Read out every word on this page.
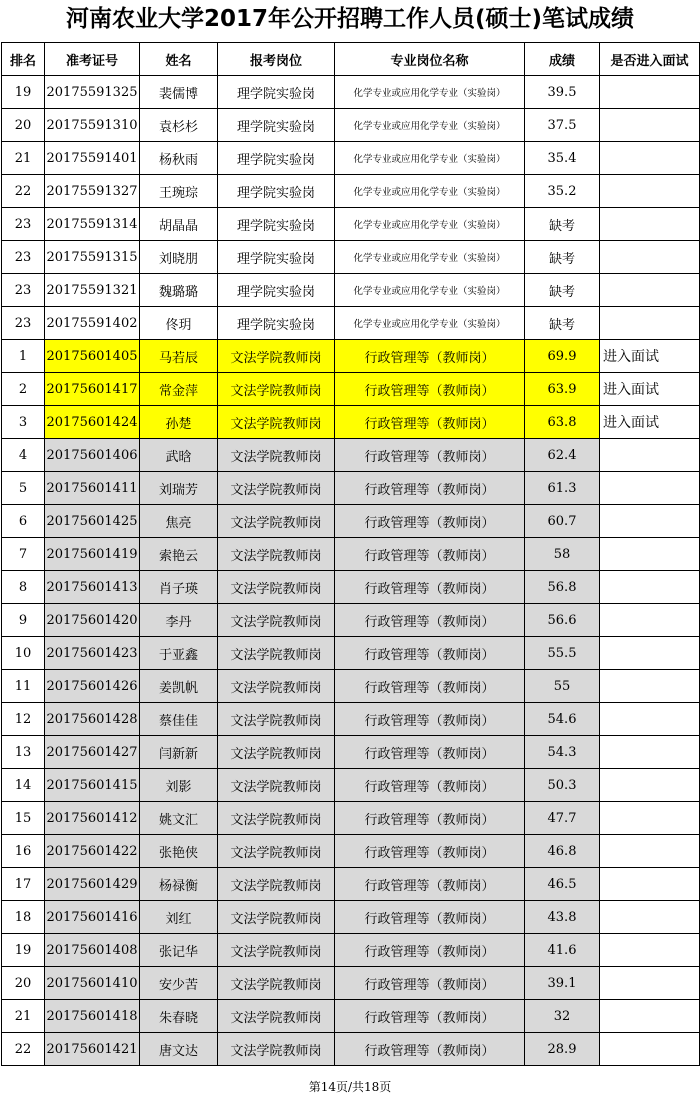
河南农业大学2017年公开招聘工作人员(硕士)笔试成绩
排名	准考证号	姓名	报考岗位	专业岗位名称	成绩	是否进入面试
19	20175591325	裴儒博	理学院实验岗	化学专业或应用化学专业（实验岗）	39.5	
20	20175591310	袁杉杉	理学院实验岗	化学专业或应用化学专业（实验岗）	37.5	
21	20175591401	杨秋雨	理学院实验岗	化学专业或应用化学专业（实验岗）	35.4	
22	20175591327	王琬琮	理学院实验岗	化学专业或应用化学专业（实验岗）	35.2	
23	20175591314	胡晶晶	理学院实验岗	化学专业或应用化学专业（实验岗）	缺考	
23	20175591315	刘晓朋	理学院实验岗	化学专业或应用化学专业（实验岗）	缺考	
23	20175591321	魏璐璐	理学院实验岗	化学专业或应用化学专业（实验岗）	缺考	
23	20175591402	佟玥	理学院实验岗	化学专业或应用化学专业（实验岗）	缺考	
1	20175601405	马若辰	文法学院教师岗	行政管理等（教师岗）	69.9	进入面试
2	20175601417	常金萍	文法学院教师岗	行政管理等（教师岗）	63.9	进入面试
3	20175601424	孙楚	文法学院教师岗	行政管理等（教师岗）	63.8	进入面试
4	20175601406	武晗	文法学院教师岗	行政管理等（教师岗）	62.4	
5	20175601411	刘瑞芳	文法学院教师岗	行政管理等（教师岗）	61.3	
6	20175601425	焦亮	文法学院教师岗	行政管理等（教师岗）	60.7	
7	20175601419	索艳云	文法学院教师岗	行政管理等（教师岗）	58	
8	20175601413	肖子瑛	文法学院教师岗	行政管理等（教师岗）	56.8	
9	20175601420	李丹	文法学院教师岗	行政管理等（教师岗）	56.6	
10	20175601423	于亚鑫	文法学院教师岗	行政管理等（教师岗）	55.5	
11	20175601426	姜凯帆	文法学院教师岗	行政管理等（教师岗）	55	
12	20175601428	蔡佳佳	文法学院教师岗	行政管理等（教师岗）	54.6	
13	20175601427	闫新新	文法学院教师岗	行政管理等（教师岗）	54.3	
14	20175601415	刘影	文法学院教师岗	行政管理等（教师岗）	50.3	
15	20175601412	姚文汇	文法学院教师岗	行政管理等（教师岗）	47.7	
16	20175601422	张艳侠	文法学院教师岗	行政管理等（教师岗）	46.8	
17	20175601429	杨禄衡	文法学院教师岗	行政管理等（教师岗）	46.5	
18	20175601416	刘红	文法学院教师岗	行政管理等（教师岗）	43.8	
19	20175601408	张记华	文法学院教师岗	行政管理等（教师岗）	41.6	
20	20175601410	安少苦	文法学院教师岗	行政管理等（教师岗）	39.1	
21	20175601418	朱春晓	文法学院教师岗	行政管理等（教师岗）	32	
22	20175601421	唐文达	文法学院教师岗	行政管理等（教师岗）	28.9	
第14页/共18页
